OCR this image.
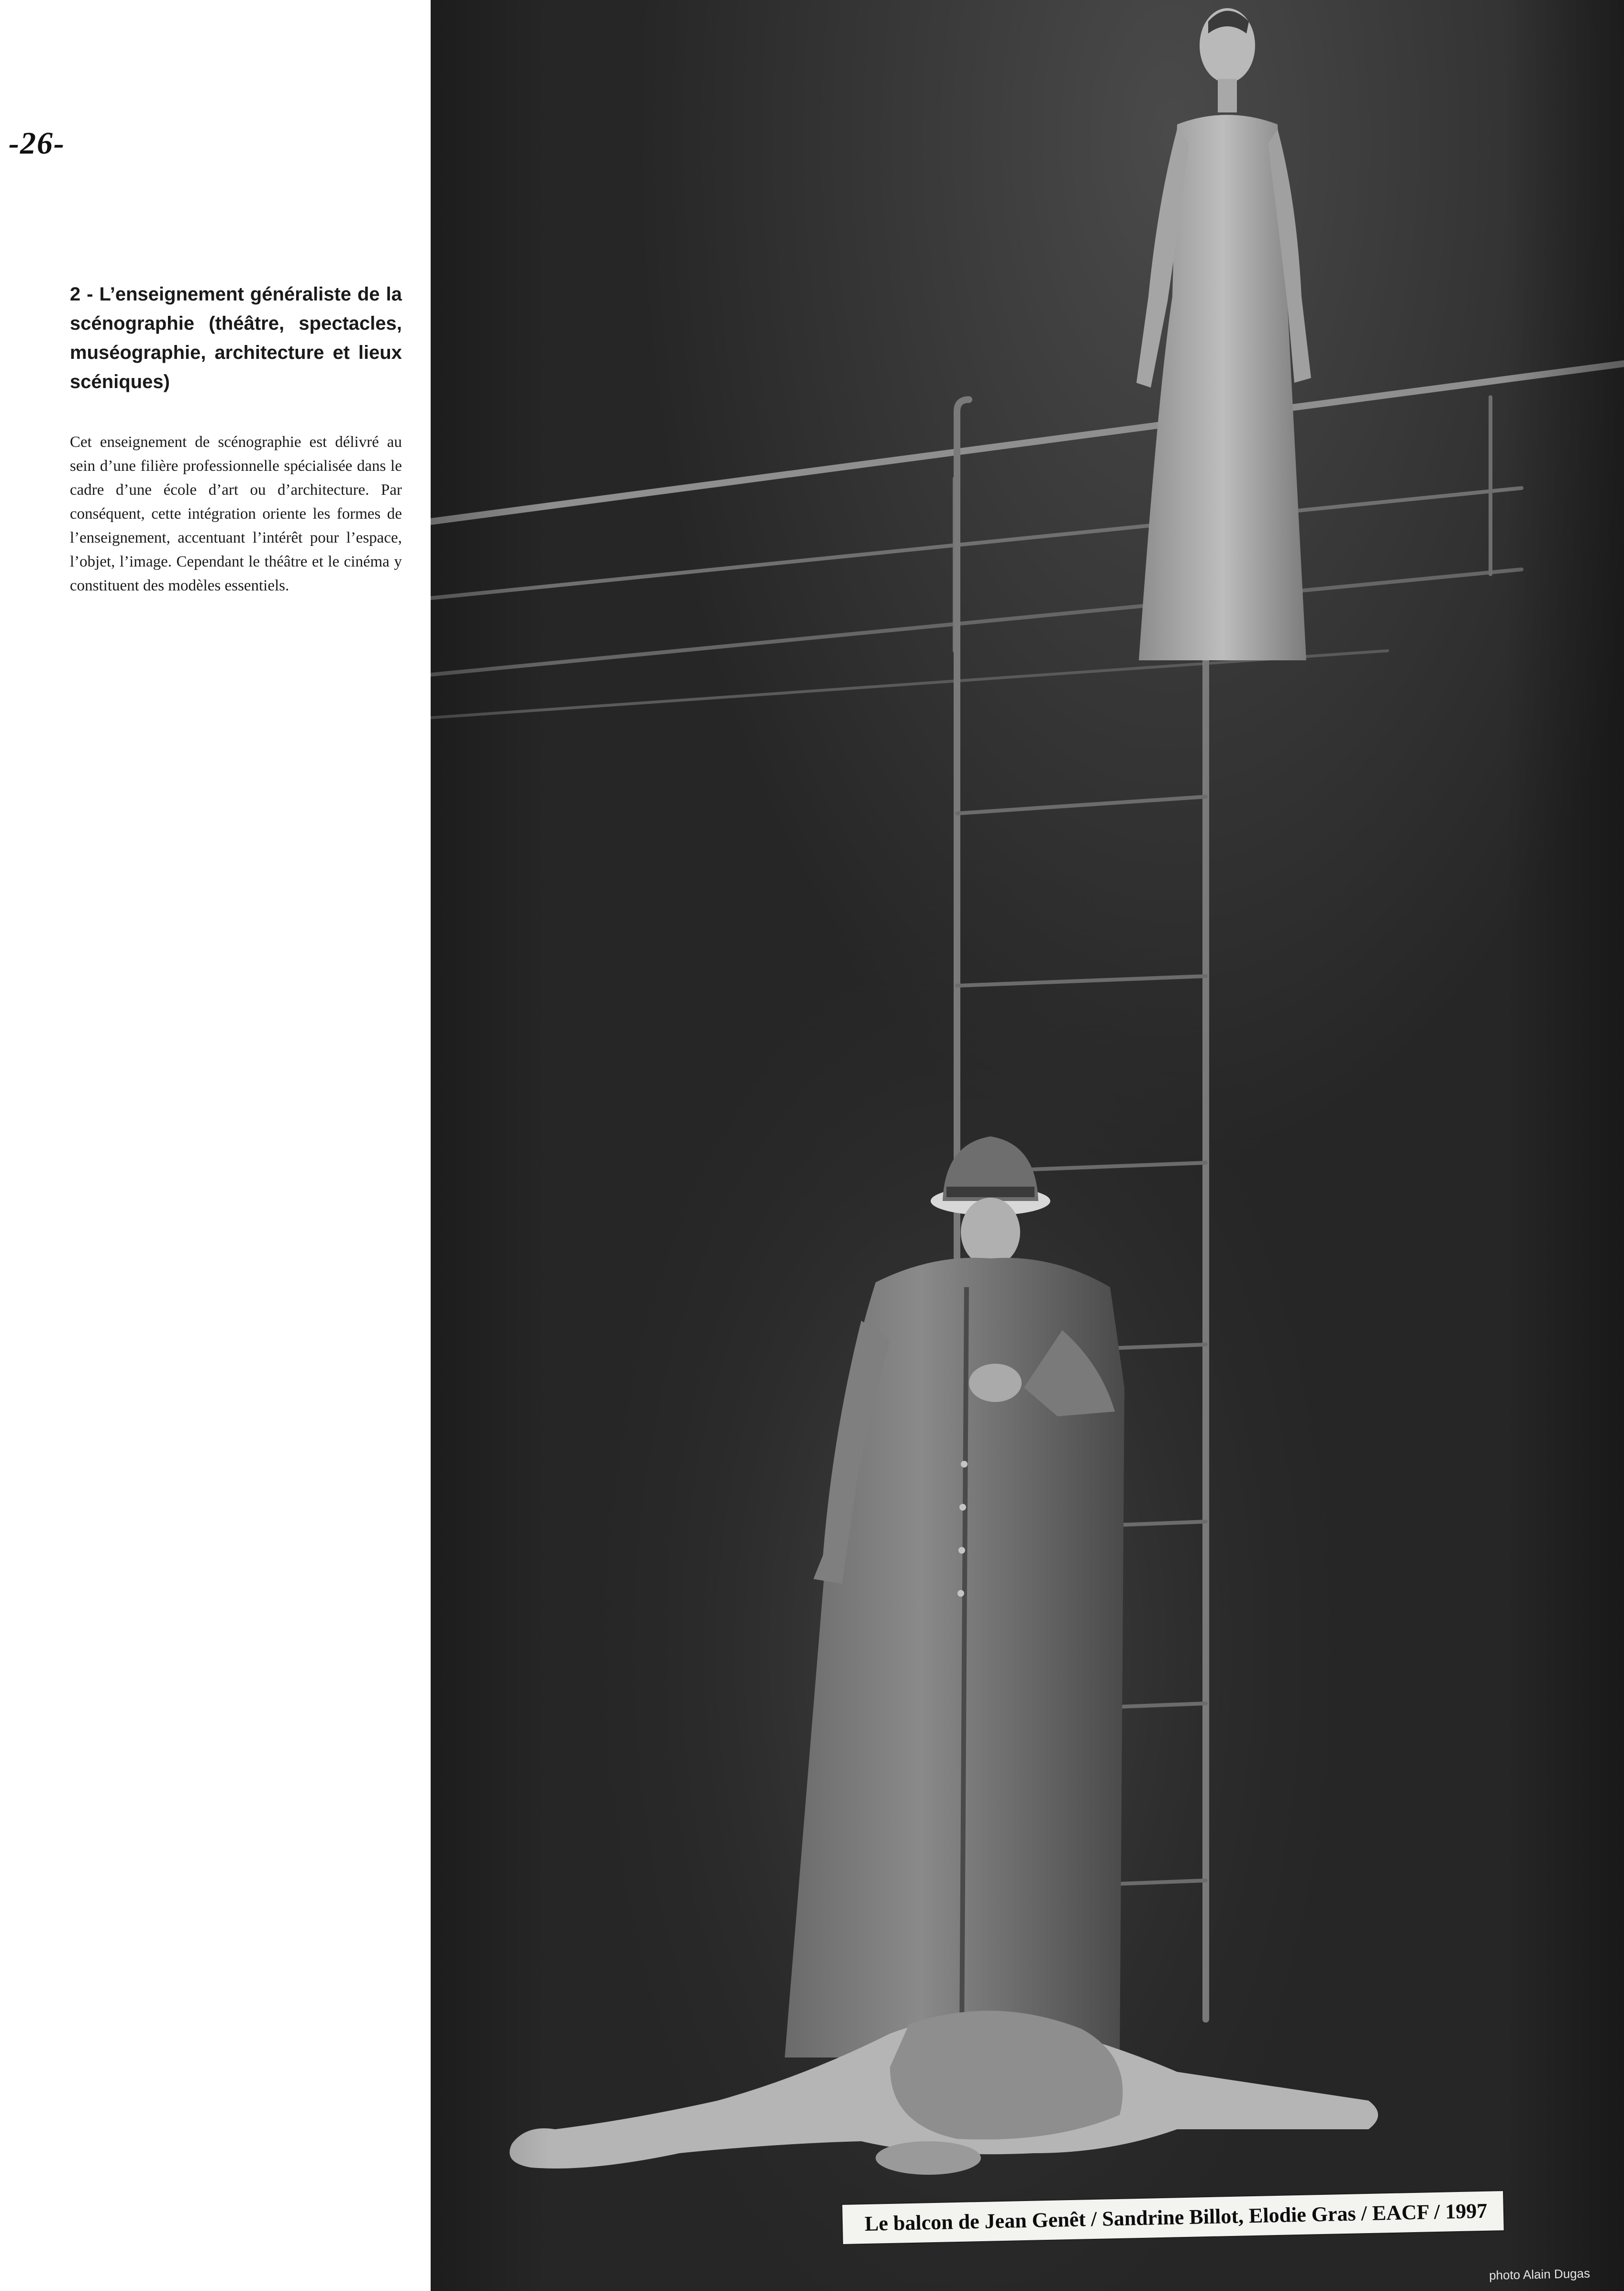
-26-

2 - L’enseignement généraliste de la scénographie (théâtre, spectacles, muséographie, architecture et lieux scéniques)

Cet enseignement de scénographie est délivré au sein d’une filière professionnelle spécialisée dans le cadre d’une école d’art ou d’architecture. Par conséquent, cette intégration oriente les formes de l’enseignement, accentuant l’intérêt pour l’espace, l’objet, l’image. Cependant le théâtre et le cinéma y constituent des modèles essentiels.

Le balcon de Jean Genêt / Sandrine Billot, Elodie Gras / EACF / 1997
photo Alain Dugas
